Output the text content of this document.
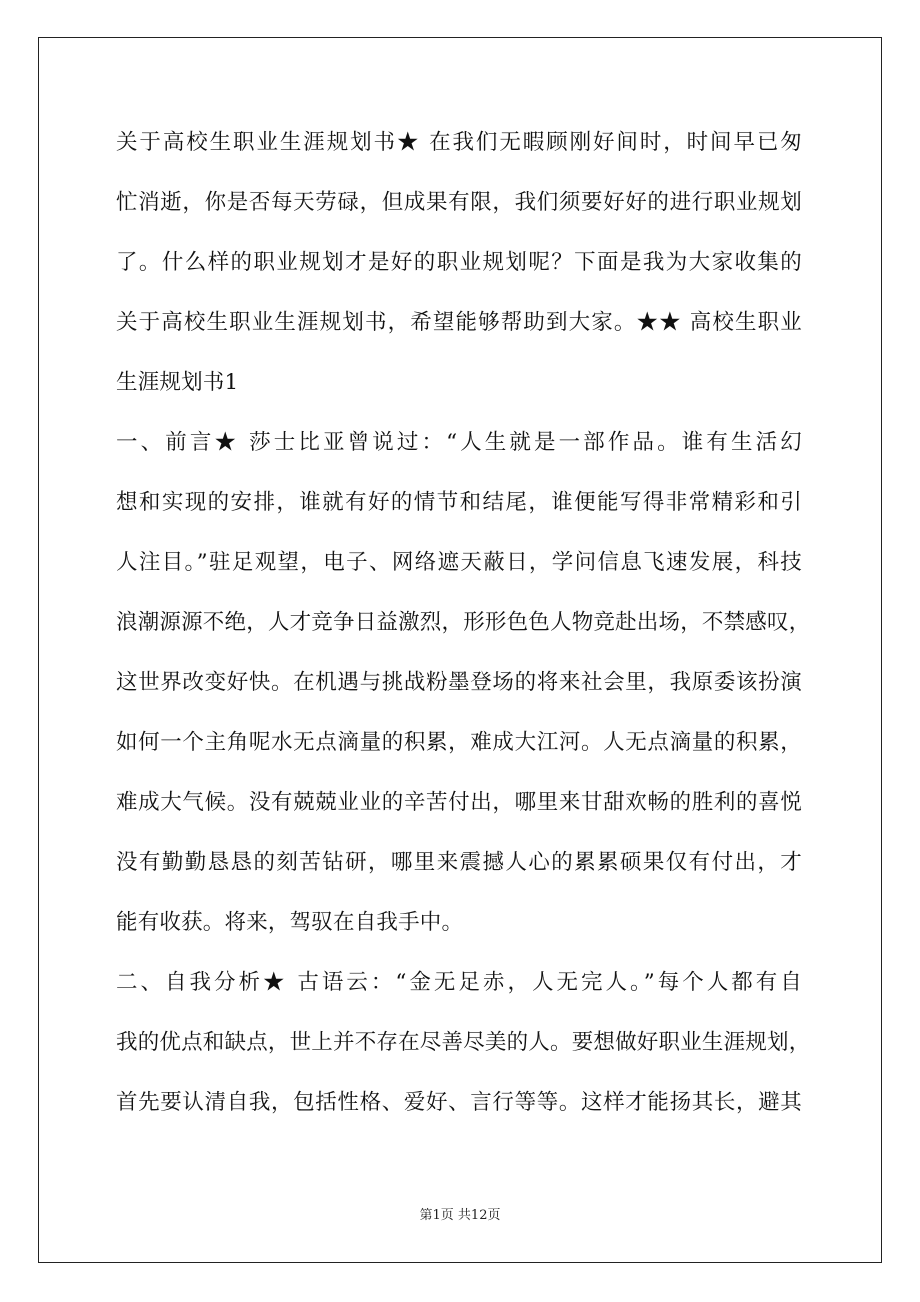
关于高校生职业生涯规划书★ 在我们无暇顾刚好间时，时间早已匆
忙消逝，你是否每天劳碌，但成果有限，我们须要好好的进行职业规划
了。什么样的职业规划才是好的职业规划呢？下面是我为大家收集的
关于高校生职业生涯规划书，希望能够帮助到大家。★★ 高校生职业
生涯规划书1
一、前言★ 莎士比亚曾说过：“人生就是一部作品。谁有生活幻
想和实现的安排，谁就有好的情节和结尾，谁便能写得非常精彩和引
人注目。”驻足观望，电子、网络遮天蔽日，学问信息飞速发展，科技
浪潮源源不绝，人才竞争日益激烈，形形色色人物竞赴出场，不禁感叹，
这世界改变好快。在机遇与挑战粉墨登场的将来社会里，我原委该扮演
如何一个主角呢水无点滴量的积累，难成大江河。人无点滴量的积累，
难成大气候。没有兢兢业业的辛苦付出，哪里来甘甜欢畅的胜利的喜悦
没有勤勤恳恳的刻苦钻研，哪里来震撼人心的累累硕果仅有付出，才
能有收获。将来，驾驭在自我手中。
二、自我分析★ 古语云：“金无足赤，人无完人。”每个人都有自
我的优点和缺点，世上并不存在尽善尽美的人。要想做好职业生涯规划，
首先要认清自我，包括性格、爱好、言行等等。这样才能扬其长，避其
第1页 共12页
